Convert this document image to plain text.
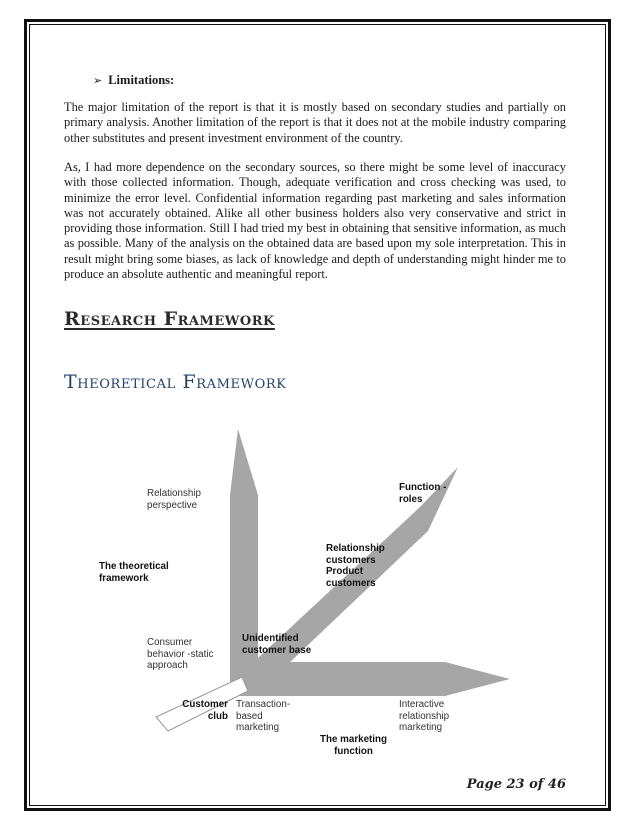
➢ Limitations:

The major limitation of the report is that it is mostly based on secondary studies and partially on primary analysis. Another limitation of the report is that it does not at the mobile industry comparing other substitutes and present investment environment of the country.

As, I had more dependence on the secondary sources, so there might be some level of inaccuracy with those collected information. Though, adequate verification and cross checking was used, to minimize the error level. Confidential information regarding past marketing and sales information was not accurately obtained. Alike all other business holders also very conservative and strict in providing those information. Still I had tried my best in obtaining that sensitive information, as much as possible. Many of the analysis on the obtained data are based upon my sole interpretation. This in result might bring some biases, as lack of knowledge and depth of understanding might hinder me to produce an absolute authentic and meaningful report.

Research Framework
Theoretical Framework
Relationship perspective
The theoretical framework
Consumer behavior -static approach
Customer club
Transaction- based marketing
The marketing function
Interactive relationship marketing
Unidentified customer base
Relationship customers Product customers
Function -roles
Page 23 of 46
